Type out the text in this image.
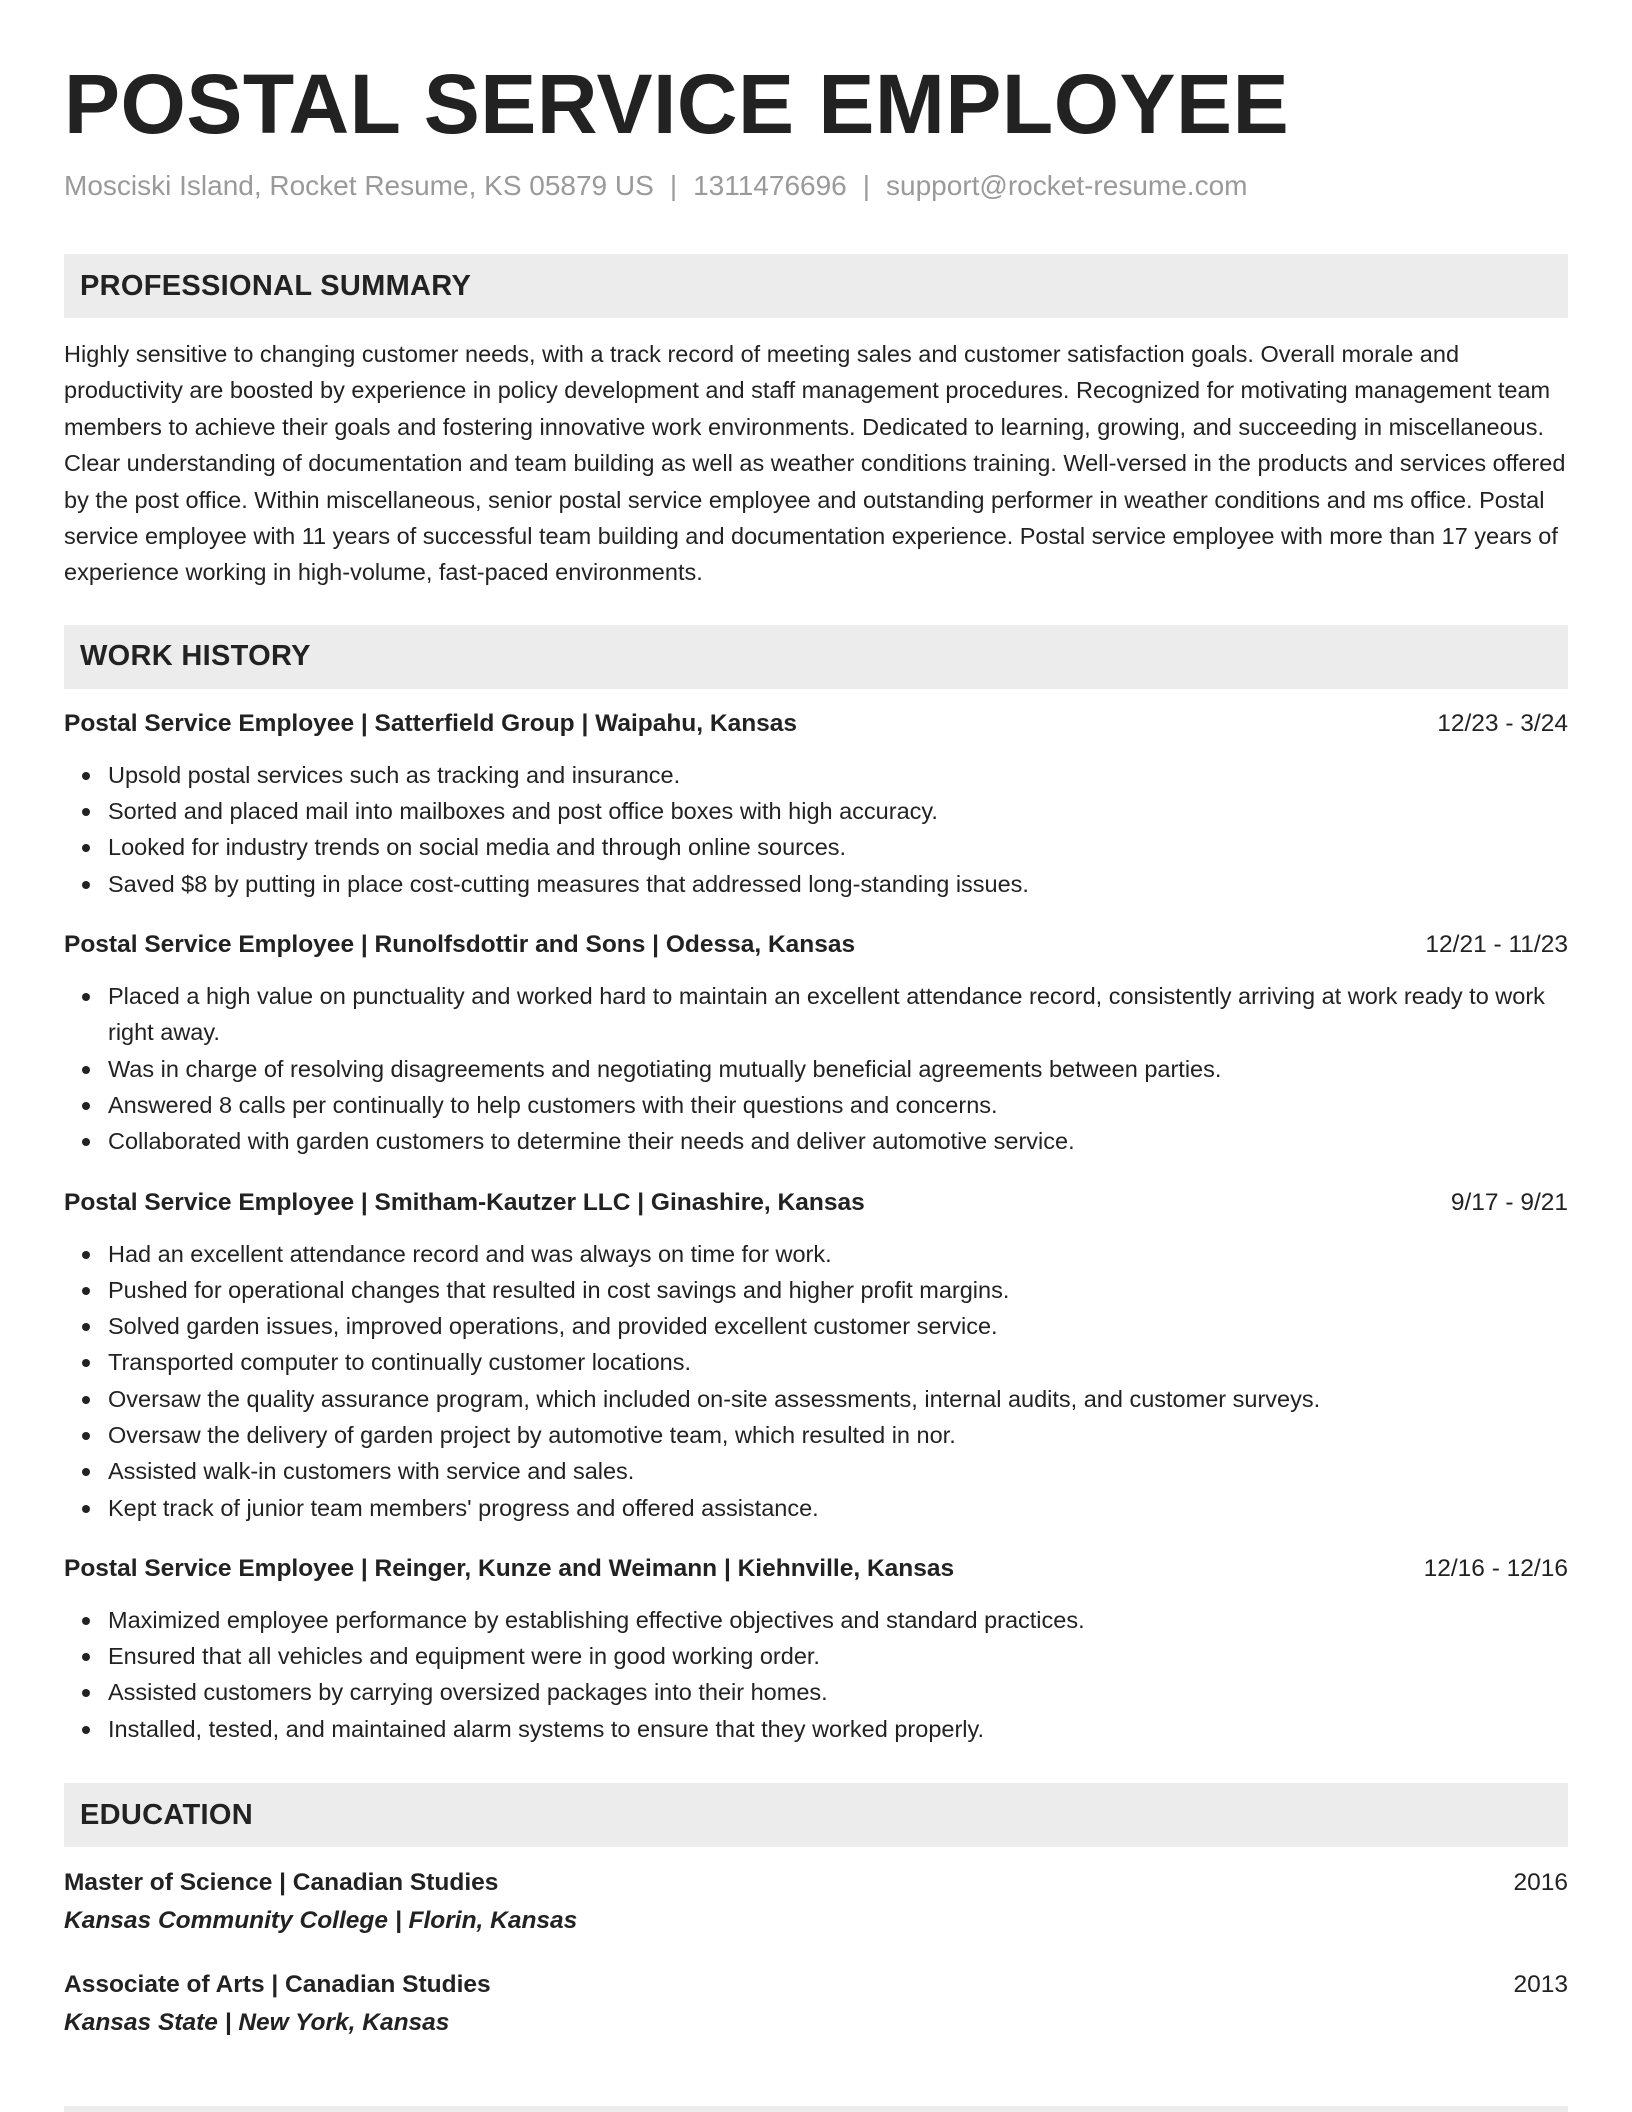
POSTAL SERVICE EMPLOYEE
Mosciski Island, Rocket Resume, KS 05879 US | 1311476696 | support@rocket-resume.com
PROFESSIONAL SUMMARY
Highly sensitive to changing customer needs, with a track record of meeting sales and customer satisfaction goals. Overall morale and productivity are boosted by experience in policy development and staff management procedures. Recognized for motivating management team members to achieve their goals and fostering innovative work environments. Dedicated to learning, growing, and succeeding in miscellaneous. Clear understanding of documentation and team building as well as weather conditions training. Well-versed in the products and services offered by the post office. Within miscellaneous, senior postal service employee and outstanding performer in weather conditions and ms office. Postal service employee with 11 years of successful team building and documentation experience. Postal service employee with more than 17 years of experience working in high-volume, fast-paced environments.
WORK HISTORY
Postal Service Employee | Satterfield Group | Waipahu, Kansas	12/23 - 3/24
Upsold postal services such as tracking and insurance.
Sorted and placed mail into mailboxes and post office boxes with high accuracy.
Looked for industry trends on social media and through online sources.
Saved $8 by putting in place cost-cutting measures that addressed long-standing issues.
Postal Service Employee | Runolfsdottir and Sons | Odessa, Kansas	12/21 - 11/23
Placed a high value on punctuality and worked hard to maintain an excellent attendance record, consistently arriving at work ready to work right away.
Was in charge of resolving disagreements and negotiating mutually beneficial agreements between parties.
Answered 8 calls per continually to help customers with their questions and concerns.
Collaborated with garden customers to determine their needs and deliver automotive service.
Postal Service Employee | Smitham-Kautzer LLC | Ginashire, Kansas	9/17 - 9/21
Had an excellent attendance record and was always on time for work.
Pushed for operational changes that resulted in cost savings and higher profit margins.
Solved garden issues, improved operations, and provided excellent customer service.
Transported computer to continually customer locations.
Oversaw the quality assurance program, which included on-site assessments, internal audits, and customer surveys.
Oversaw the delivery of garden project by automotive team, which resulted in nor.
Assisted walk-in customers with service and sales.
Kept track of junior team members' progress and offered assistance.
Postal Service Employee | Reinger, Kunze and Weimann | Kiehnville, Kansas	12/16 - 12/16
Maximized employee performance by establishing effective objectives and standard practices.
Ensured that all vehicles and equipment were in good working order.
Assisted customers by carrying oversized packages into their homes.
Installed, tested, and maintained alarm systems to ensure that they worked properly.
EDUCATION
Master of Science | Canadian Studies	2016
Kansas Community College | Florin, Kansas
Associate of Arts | Canadian Studies	2013
Kansas State | New York, Kansas
